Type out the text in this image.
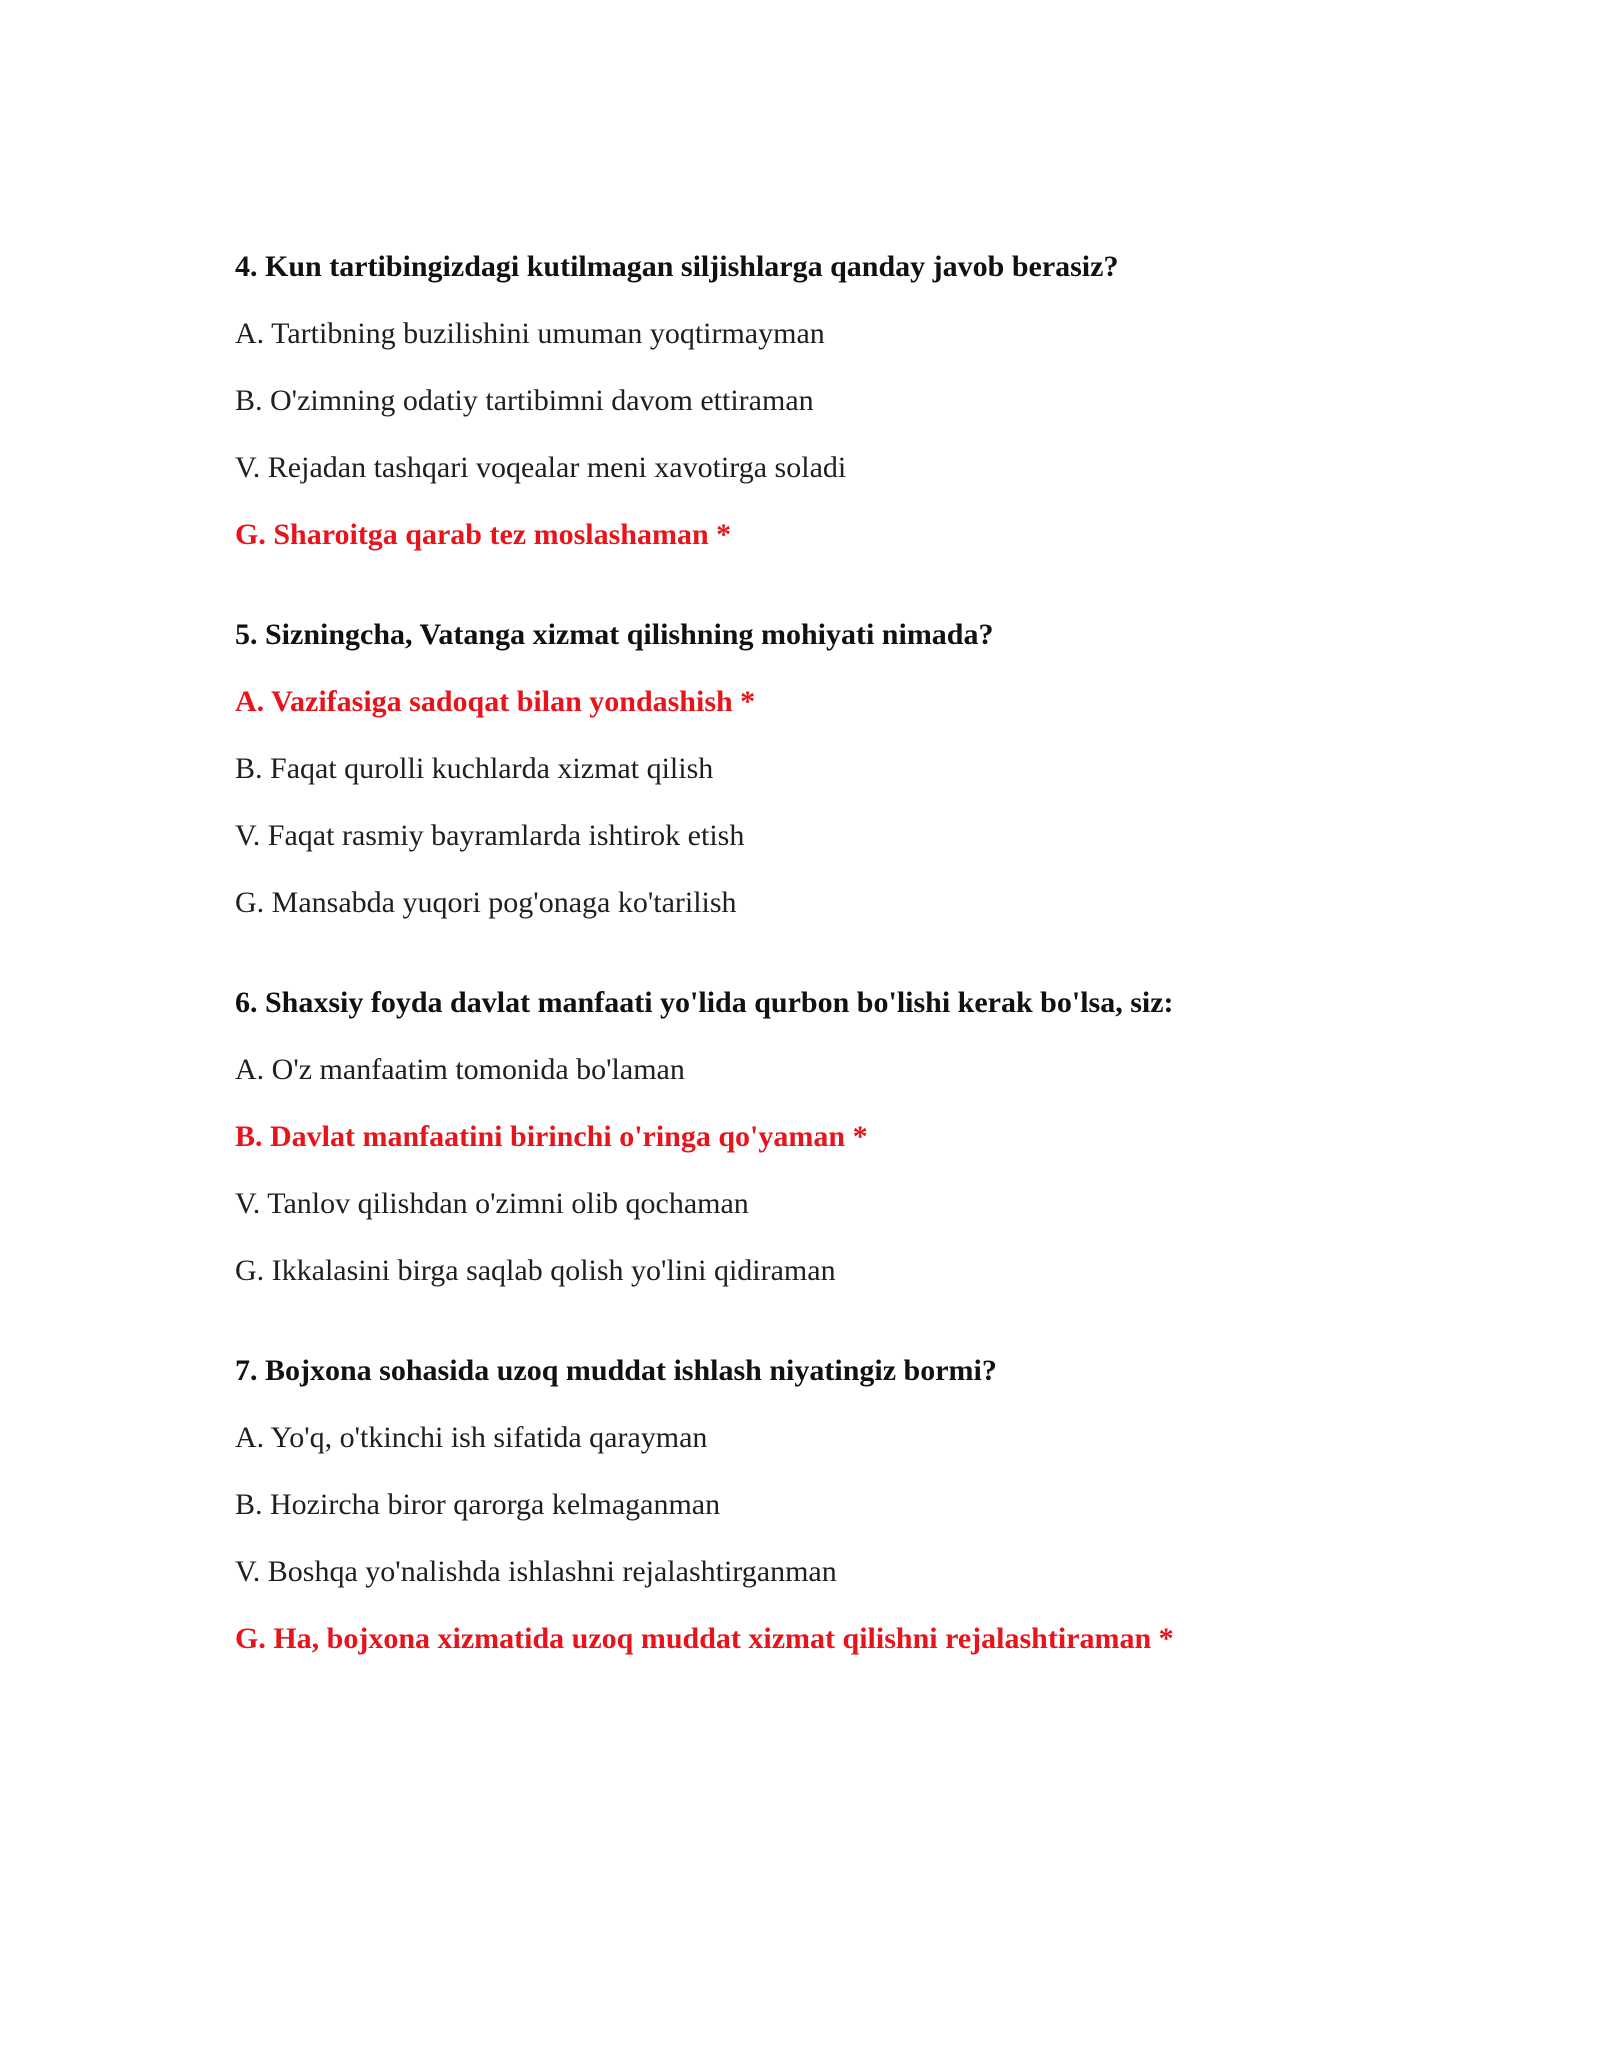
4. Kun tartibingizdagi kutilmagan siljishlarga qanday javob berasiz?
A. Tartibning buzilishini umuman yoqtirmayman
B. O'zimning odatiy tartibimni davom ettiraman
V. Rejadan tashqari voqealar meni xavotirga soladi
G. Sharoitga qarab tez moslashaman *
5. Sizningcha, Vatanga xizmat qilishning mohiyati nimada?
A. Vazifasiga sadoqat bilan yondashish *
B. Faqat qurolli kuchlarda xizmat qilish
V. Faqat rasmiy bayramlarda ishtirok etish
G. Mansabda yuqori pog'onaga ko'tarilish
6. Shaxsiy foyda davlat manfaati yo'lida qurbon bo'lishi kerak bo'lsa, siz:
A. O'z manfaatim tomonida bo'laman
B. Davlat manfaatini birinchi o'ringa qo'yaman *
V. Tanlov qilishdan o'zimni olib qochaman
G. Ikkalasini birga saqlab qolish yo'lini qidiraman
7. Bojxona sohasida uzoq muddat ishlash niyatingiz bormi?
A. Yo'q, o'tkinchi ish sifatida qarayman
B. Hozircha biror qarorga kelmaganman
V. Boshqa yo'nalishda ishlashni rejalashtirganman
G. Ha, bojxona xizmatida uzoq muddat xizmat qilishni rejalashtiraman *
